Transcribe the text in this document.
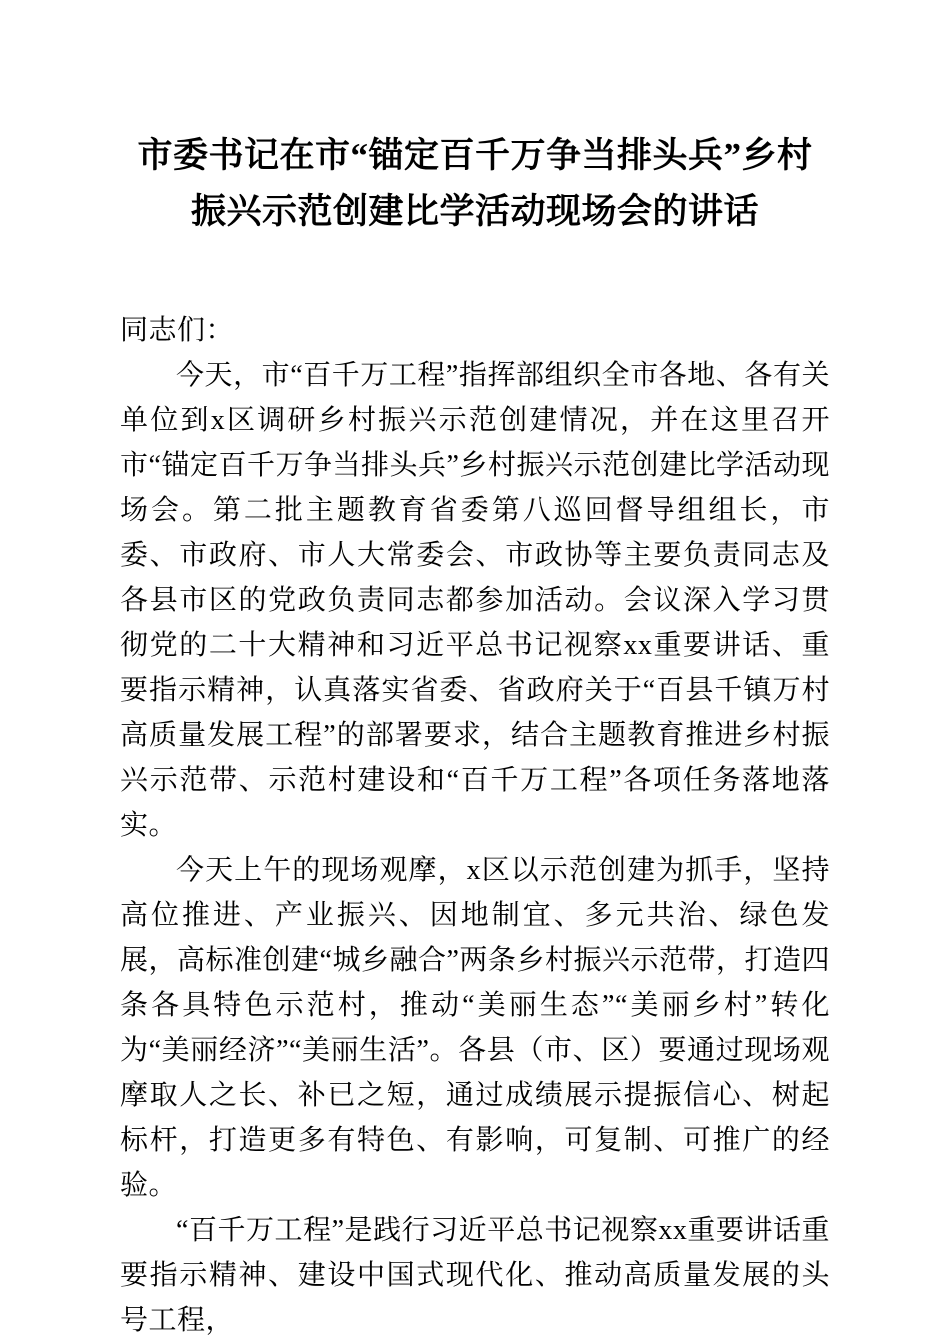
市委书记在市“锚定百千万争当排头兵”乡村振兴示范创建比学活动现场会的讲话

同志们：

今天，市“百千万工程”指挥部组织全市各地、各有关单位到x区调研乡村振兴示范创建情况，并在这里召开市“锚定百千万争当排头兵”乡村振兴示范创建比学活动现场会。第二批主题教育省委第八巡回督导组组长，市委、市政府、市人大常委会、市政协等主要负责同志及各县市区的党政负责同志都参加活动。会议深入学习贯彻党的二十大精神和习近平总书记视察xx重要讲话、重要指示精神，认真落实省委、省政府关于“百县千镇万村高质量发展工程”的部署要求，结合主题教育推进乡村振兴示范带、示范村建设和“百千万工程”各项任务落地落实。

今天上午的现场观摩，x区以示范创建为抓手，坚持高位推进、产业振兴、因地制宜、多元共治、绿色发展，高标准创建“城乡融合”两条乡村振兴示范带，打造四条各具特色示范村，推动“美丽生态”“美丽乡村”转化为“美丽经济”“美丽生活”。各县（市、区）要通过现场观摩取人之长、补已之短，通过成绩展示提振信心、树起标杆，打造更多有特色、有影响，可复制、可推广的经验。

“百千万工程”是践行习近平总书记视察xx重要讲话重要指示精神、建设中国式现代化、推动高质量发展的头号工程，
